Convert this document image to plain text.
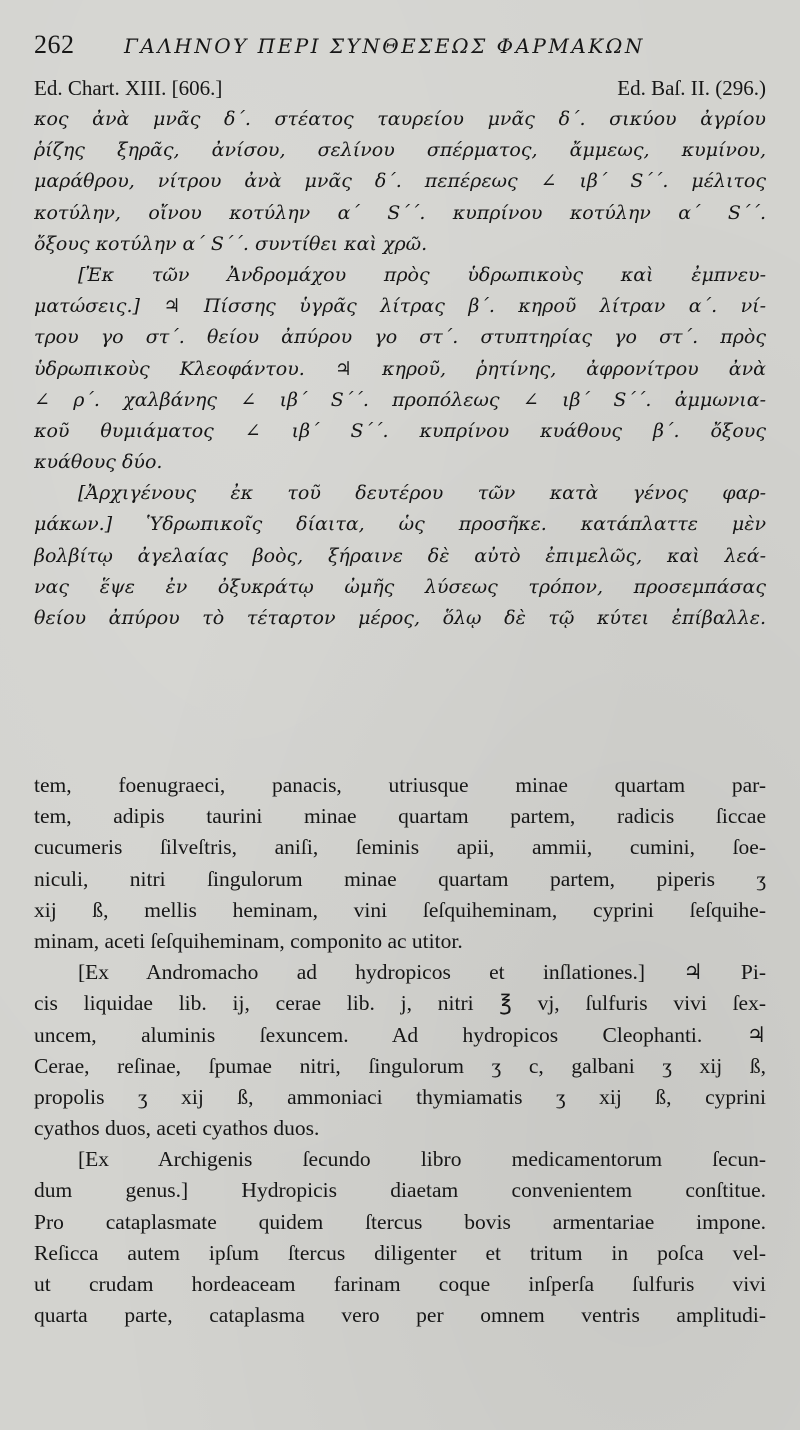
262 ΓΑΛΗΝΟΥ ΠΕΡΙ ΣΥΝΘΕΣΕΩΣ ΦΑΡΜΑΚΩΝ
Ed. Chart. XIII. [606.]	Ed. Baſ. II. (296.)
κος ἀνὰ μνᾶς δ΄. στέατος ταυρείου μνᾶς δ΄. σικύου ἀγρίου
ῥίζης ξηρᾶς, ἀνίσου, σελίνου σπέρματος, ἄμμεως, κυμίνου,
μαράθρου, νίτρου ἀνὰ μνᾶς δ΄. πεπέρεως ∠ ιβ΄ S΄΄. μέλιτος
κοτύλην, οἴνου κοτύλην α΄ S΄΄. κυπρίνου κοτύλην α΄ S΄΄.
ὄξους κοτύλην α΄ S΄΄. συντίθει καὶ χρῶ.
[Ἐκ τῶν Ἀνδρομάχου πρὸς ὑδρωπικοὺς καὶ ἐμπνευ-
ματώσεις.] ♃ Πίσσης ὑγρᾶς λίτρας β΄. κηροῦ λίτραν α΄. νί-
τρου γο στ΄. θείου ἀπύρου γο στ΄. στυπτηρίας γο στ΄. πρὸς
ὑδρωπικοὺς Κλεοφάντου. ♃ κηροῦ, ῥητίνης, ἀφρονίτρου ἀνὰ
∠ ρ΄. χαλβάνης ∠ ιβ΄ S΄΄. προπόλεως ∠ ιβ΄ S΄΄. ἀμμωνια-
κοῦ θυμιάματος ∠ ιβ΄ S΄΄. κυπρίνου κυάθους β΄. ὄξους
κυάθους δύο.
[Ἀρχιγένους ἐκ τοῦ δευτέρου τῶν κατὰ γένος φαρ-
μάκων.] Ὑδρωπικοῖς δίαιτα, ὡς προσῆκε. κατάπλαττε μὲν
βολβίτῳ ἀγελαίας βοὸς, ξήραινε δὲ αὐτὸ ἐπιμελῶς, καὶ λεά-
νας ἕψε ἐν ὀξυκράτῳ ὠμῆς λύσεως τρόπον, προσεμπάσας
θείου ἀπύρου τὸ τέταρτον μέρος, ὅλῳ δὲ τῷ κύτει ἐπίβαλλε.
tem, foenugraeci, panacis, utriusque minae quartam par-
tem, adipis taurini minae quartam partem, radicis ſiccae
cucumeris ſilveſtris, aniſi, ſeminis apii, ammii, cumini, ſoe-
niculi, nitri ſingulorum minae quartam partem, piperis ʒ
xij ß, mellis heminam, vini ſeſquiheminam, cyprini ſeſquihe-
minam, aceti ſeſquiheminam, componito ac utitor.
[Ex Andromacho ad hydropicos et inſlationes.] ♃ Pi-
cis liquidae lib. ij, cerae lib. j, nitri ℥ vj, ſulfuris vivi ſex-
uncem, aluminis ſexuncem. Ad hydropicos Cleophanti. ♃
Cerae, reſinae, ſpumae nitri, ſingulorum ʒ c, galbani ʒ xij ß,
propolis ʒ xij ß, ammoniaci thymiamatis ʒ xij ß, cyprini
cyathos duos, aceti cyathos duos.
[Ex Archigenis ſecundo libro medicamentorum ſecun-
dum genus.] Hydropicis diaetam convenientem conſtitue.
Pro cataplasmate quidem ſtercus bovis armentariae impone.
Reſicca autem ipſum ſtercus diligenter et tritum in poſca vel-
ut crudam hordeaceam farinam coque inſperſa ſulfuris vivi
quarta parte, cataplasma vero per omnem ventris amplitudi-
